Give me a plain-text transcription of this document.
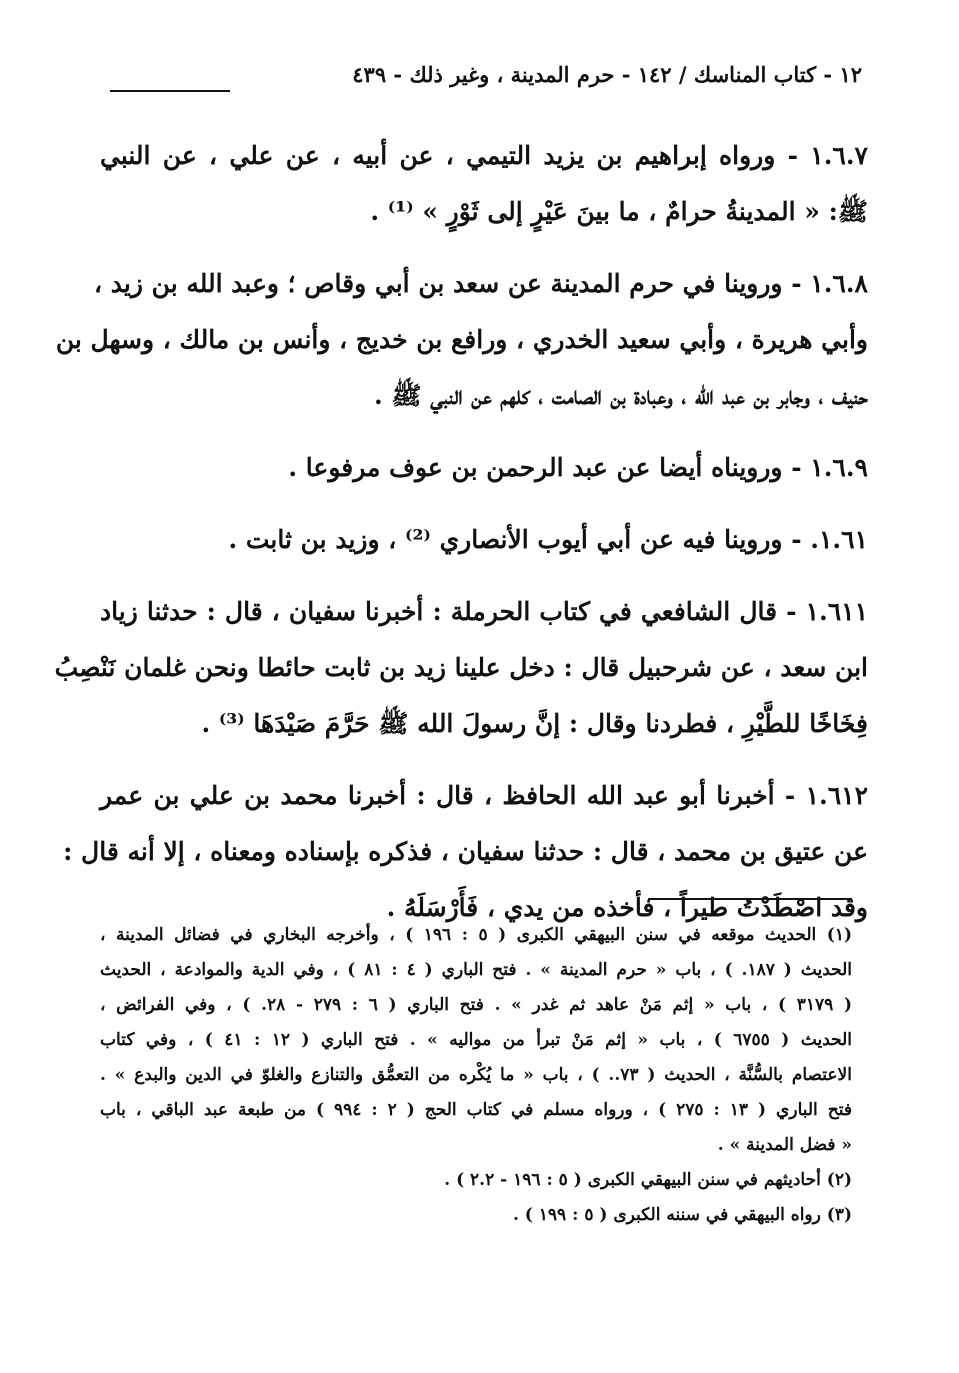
١٢ - كتاب المناسك / ١٤٢ - حرم المدينة ، وغير ذلك - ٤٣٩
١.٦.٧ - ورواه إبراهيم بن يزيد التيمي ، عن أبيه ، عن علي ، عن النبي
ﷺ: « المدينةُ حرامٌ ، ما بينَ عَيْرٍ إلى ثَوْرٍ » ⁽¹⁾ .
١.٦.٨ - وروينا في حرم المدينة عن سعد بن أبي وقاص ؛ وعبد الله بن زيد ،
وأبي هريرة ، وأبي سعيد الخدري ، ورافع بن خديج ، وأنس بن مالك ، وسهل بن
حنيف ، وجابر بن عبد الله ، وعبادة بن الصامت ، كلهم عن النبي ﷺ .
١.٦.٩ - ورويناه أيضا عن عبد الرحمن بن عوف مرفوعا .
١.٦١. - وروينا فيه عن أبي أيوب الأنصاري ⁽²⁾ ، وزيد بن ثابت .
١.٦١١ - قال الشافعي في كتاب الحرملة : أخبرنا سفيان ، قال : حدثنا زياد
ابن سعد ، عن شرحبيل قال : دخل علينا زيد بن ثابت حائطا ونحن غلمان نَنْصِبُ
فِخَاخًا للطَّيْرِ ، فطردنا وقال : إنَّ رسولَ الله ﷺ حَرَّمَ صَيْدَهَا ⁽³⁾ .
١.٦١٢ - أخبرنا أبو عبد الله الحافظ ، قال : أخبرنا محمد بن علي بن عمر
عن عتيق بن محمد ، قال : حدثنا سفيان ، فذكره بإسناده ومعناه ، إلا أنه قال :
وقد اصْطَدْتُ طيراً ، فأخذه من يدي ، فَأَرْسَلَهُ .
(١) الحديث موقعه في سنن البيهقي الكبرى ( ٥ : ١٩٦ ) ، وأخرجه البخاري في فضائل المدينة ،
الحديث ( ١٨٧. ) ، باب « حرم المدينة » . فتح الباري ( ٤ : ٨١ ) ، وفي الدية والموادعة ، الحديث
( ٣١٧٩ ) ، باب « إثم مَنْ عاهد ثم غدر » . فتح الباري ( ٦ : ٢٧٩ - ٢٨. ) ، وفي الفرائض ،
الحديث ( ٦٧٥٥ ) ، باب « إثم مَنْ تبرأ من مواليه » . فتح الباري ( ١٢ : ٤١ ) ، وفي كتاب
الاعتصام بالسُّنَّة ، الحديث ( ٧٣.. ) ، باب « ما يُكْره من التعمُّق والتنازع والغلوّ في الدين والبدع » .
فتح الباري ( ١٣ : ٢٧٥ ) ، ورواه مسلم في كتاب الحج ( ٢ : ٩٩٤ ) من طبعة عبد الباقي ، باب
« فضل المدينة » .
(٢) أحاديثهم في سنن البيهقي الكبرى ( ٥ : ١٩٦ - ٢.٢ ) .
(٣) رواه البيهقي في سننه الكبرى ( ٥ : ١٩٩ ) .
